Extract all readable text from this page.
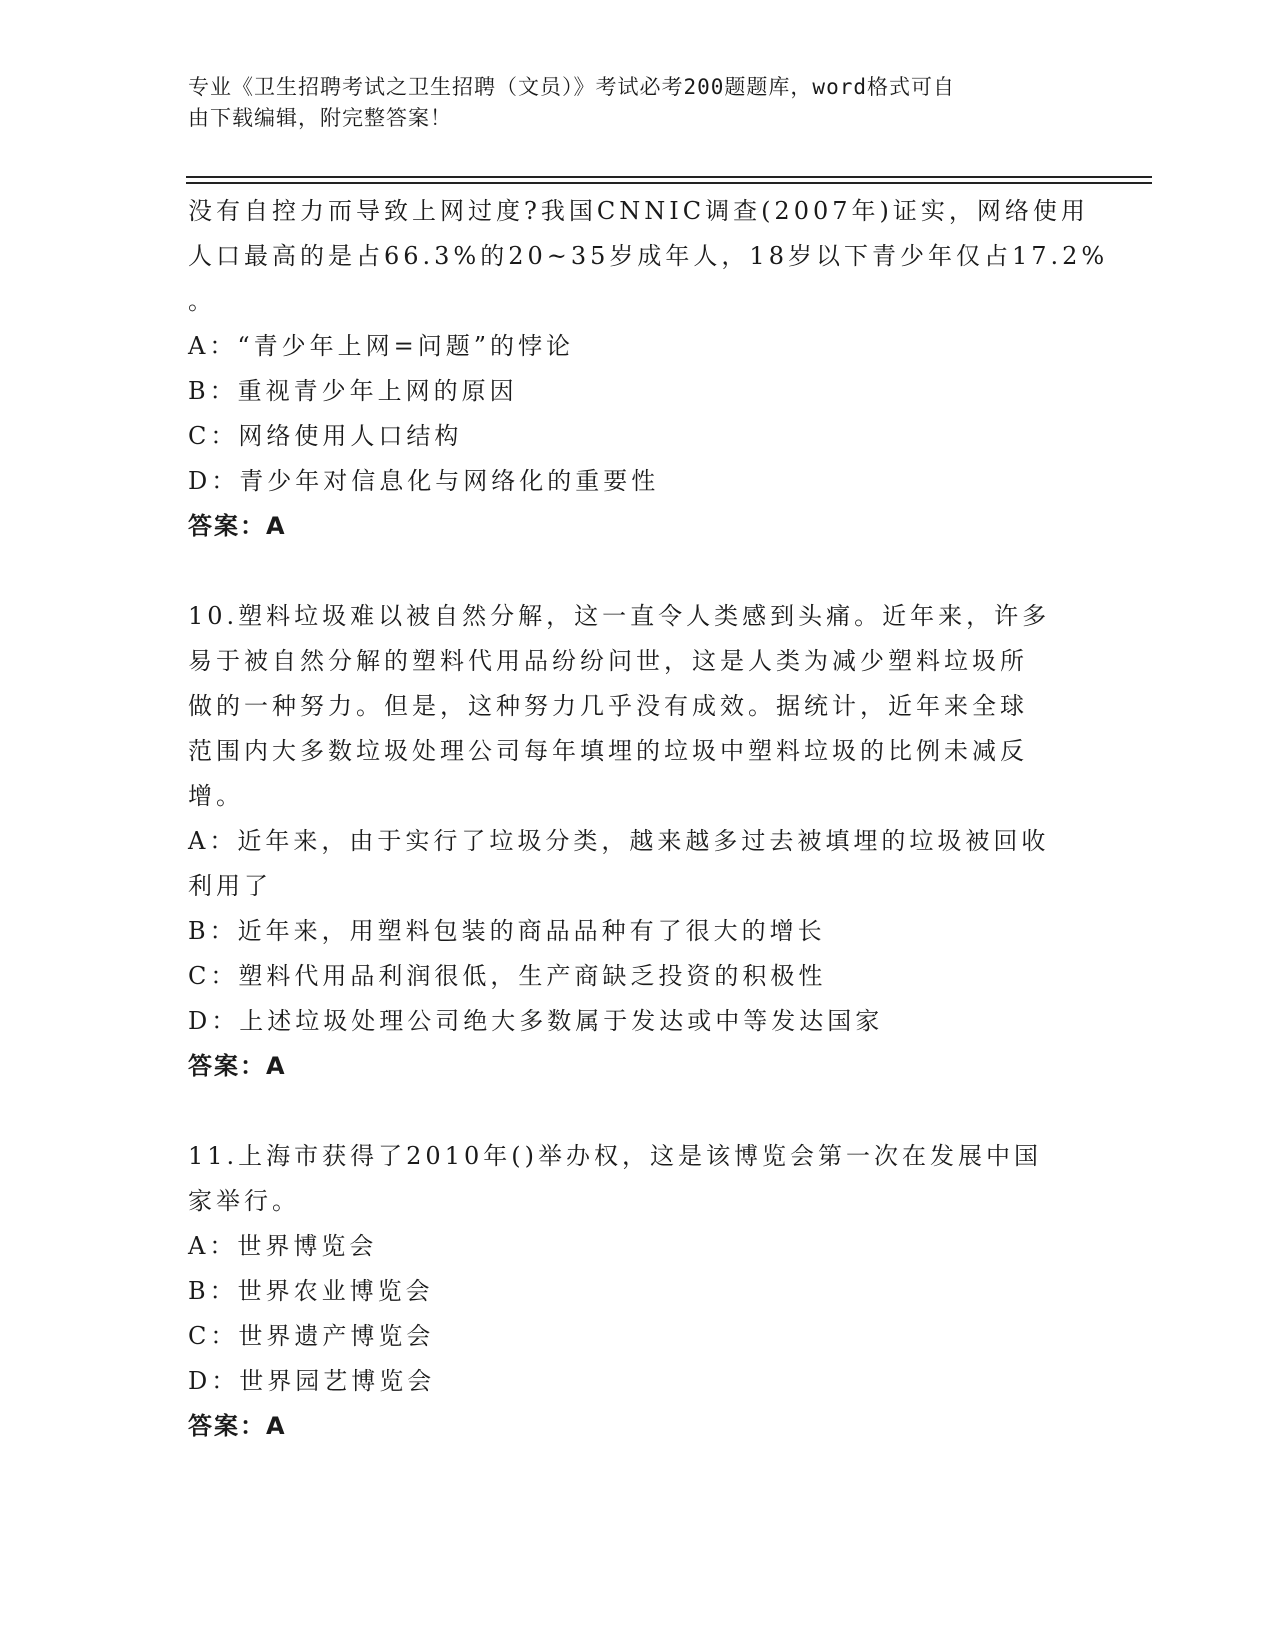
专业《卫生招聘考试之卫生招聘（文员）》考试必考200题题库，word格式可自
由下载编辑，附完整答案！
没有自控力而导致上网过度?我国CNNIC调查(2007年)证实，网络使用
人口最高的是占66.3%的20~35岁成年人，18岁以下青少年仅占17.2%
。
A：“青少年上网=问题”的悖论
B：重视青少年上网的原因
C：网络使用人口结构
D：青少年对信息化与网络化的重要性
答案：A
10.塑料垃圾难以被自然分解，这一直令人类感到头痛。近年来，许多
易于被自然分解的塑料代用品纷纷问世，这是人类为减少塑料垃圾所
做的一种努力。但是，这种努力几乎没有成效。据统计，近年来全球
范围内大多数垃圾处理公司每年填埋的垃圾中塑料垃圾的比例未减反
增。
A：近年来，由于实行了垃圾分类，越来越多过去被填埋的垃圾被回收
利用了
B：近年来，用塑料包装的商品品种有了很大的增长
C：塑料代用品利润很低，生产商缺乏投资的积极性
D：上述垃圾处理公司绝大多数属于发达或中等发达国家
答案：A
11.上海市获得了2010年()举办权，这是该博览会第一次在发展中国
家举行。
A：世界博览会
B：世界农业博览会
C：世界遗产博览会
D：世界园艺博览会
答案：A
